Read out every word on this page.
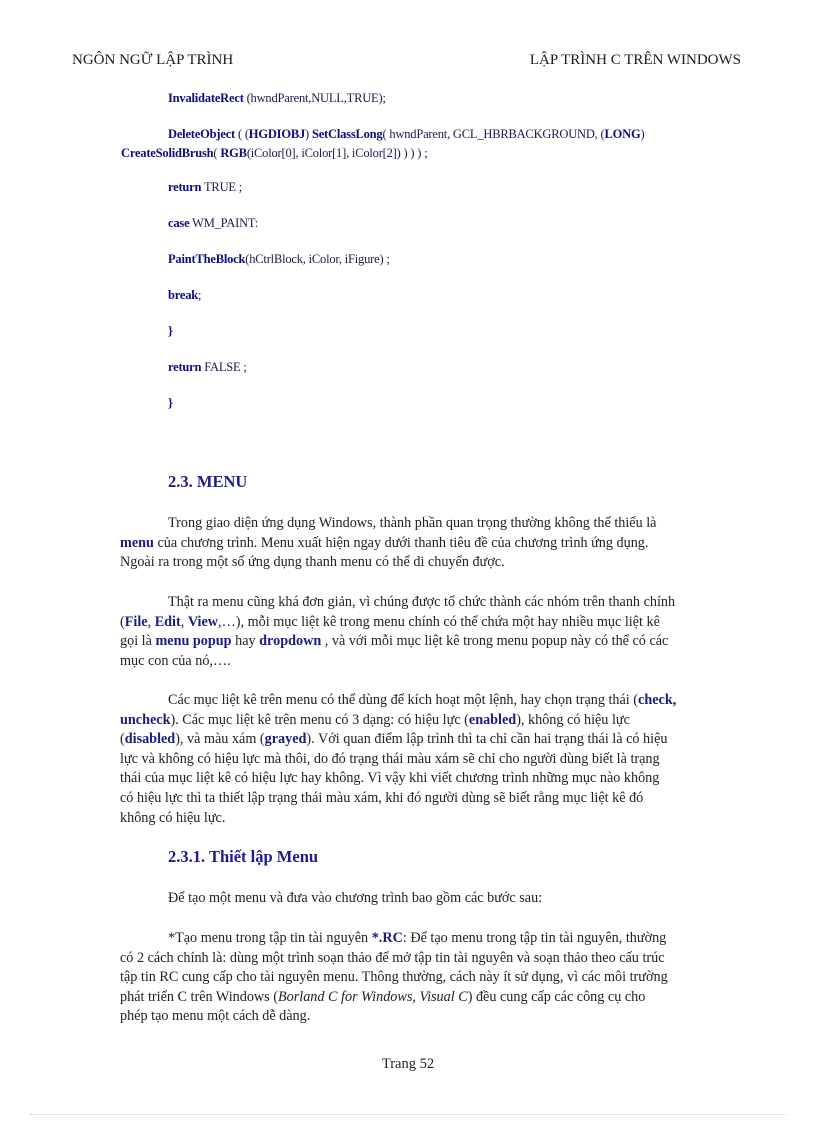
NGÔN NGỮ LẬP TRÌNH	LẬP TRÌNH C TRÊN WINDOWS
InvalidateRect (hwndParent,NULL,TRUE);
DeleteObject ( (HGDIOBJ) SetClassLong( hwndParent, GCL_HBRBACKGROUND, (LONG)
CreateSolidBrush( RGB(iColor[0], iColor[1], iColor[2]) ) ) ) ;
return TRUE ;
case WM_PAINT:
PaintTheBlock(hCtrlBlock, iColor, iFigure) ;
break;
}
return FALSE ;
}
2.3. MENU
Trong giao diện ứng dụng Windows, thành phần quan trọng thường không thể thiếu là
menu của chương trình. Menu xuất hiện ngay dưới thanh tiêu đề của chương trình ứng dụng.
Ngoài ra trong một số ứng dụng thanh menu có thể di chuyển được.
Thật ra menu cũng khá đơn giản, vì chúng được tổ chức thành các nhóm trên thanh chính
(File, Edit, View,…), mỗi mục liệt kê trong menu chính có thể chứa một hay nhiều mục liệt kê
gọi là menu popup hay dropdown , và với mỗi mục liệt kê trong menu popup này có thể có các
mục con của nó,….
Các mục liệt kê trên menu có thể dùng để kích hoạt một lệnh, hay chọn trạng thái (check,
uncheck). Các mục liệt kê trên menu có 3 dạng: có hiệu lực (enabled), không có hiệu lực
(disabled), và màu xám (grayed). Với quan điểm lập trình thì ta chỉ cần hai trạng thái là có hiệu
lực và không có hiệu lực mà thôi, do đó trạng thái màu xám sẽ chỉ cho người dùng biết là trạng
thái của mục liệt kê có hiệu lực hay không. Vì vậy khi viết chương trình những mục nào không
có hiệu lực thì ta thiết lập trạng thái màu xám, khi đó người dùng sẽ biết rằng mục liệt kê đó
không có hiệu lực.
2.3.1. Thiết lập Menu
Để tạo một menu và đưa vào chương trình bao gồm các bước sau:
*Tạo menu trong tập tin tài nguyên *.RC: Để tạo menu trong tập tin tài nguyên, thường
có 2 cách chính là: dùng một trình soạn thảo để mở tập tin tài nguyên và soạn thảo theo cấu trúc
tập tin RC cung cấp cho tài nguyên menu. Thông thường, cách này ít sử dụng, vì các môi trường
phát triển C trên Windows (Borland C for Windows, Visual C) đều cung cấp các công cụ cho
phép tạo menu một cách dễ dàng.
Trang 52
